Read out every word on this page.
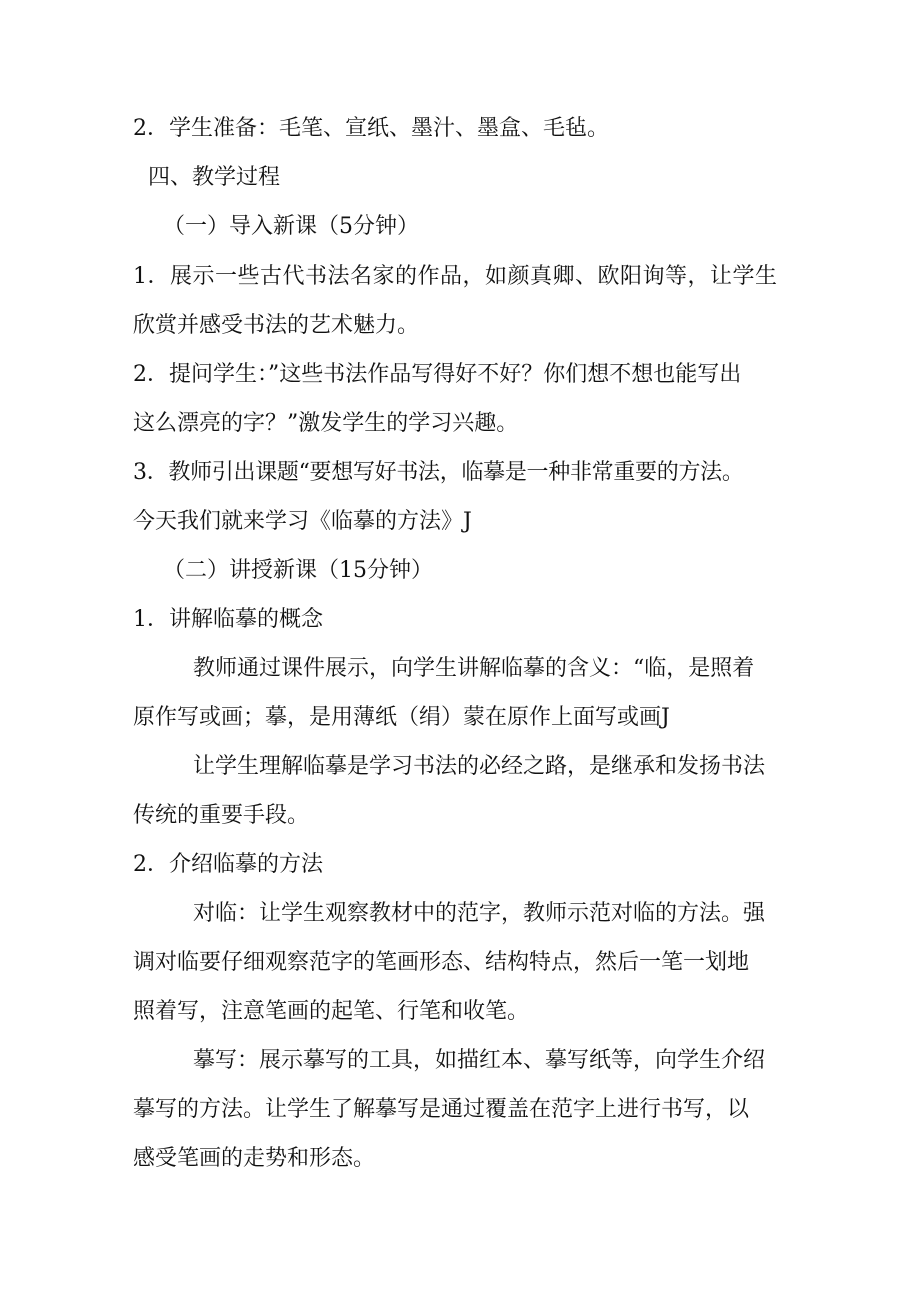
2．学生准备：毛笔、宣纸、墨汁、墨盒、毛毡。
四、教学过程
（一）导入新课（5分钟）
1．展示一些古代书法名家的作品，如颜真卿、欧阳询等，让学生
欣赏并感受书法的艺术魅力。
2．提问学生：”这些书法作品写得好不好？你们想不想也能写出
这么漂亮的字？”激发学生的学习兴趣。
3．教师引出课题“要想写好书法，临摹是一种非常重要的方法。
今天我们就来学习《临摹的方法》J
（二）讲授新课（15分钟）
1．讲解临摹的概念
教师通过课件展示，向学生讲解临摹的含义：“临，是照着
原作写或画；摹，是用薄纸（绢）蒙在原作上面写或画J
让学生理解临摹是学习书法的必经之路，是继承和发扬书法
传统的重要手段。
2．介绍临摹的方法
对临：让学生观察教材中的范字，教师示范对临的方法。强
调对临要仔细观察范字的笔画形态、结构特点，然后一笔一划地
照着写，注意笔画的起笔、行笔和收笔。
摹写：展示摹写的工具，如描红本、摹写纸等，向学生介绍
摹写的方法。让学生了解摹写是通过覆盖在范字上进行书写，以
感受笔画的走势和形态。
